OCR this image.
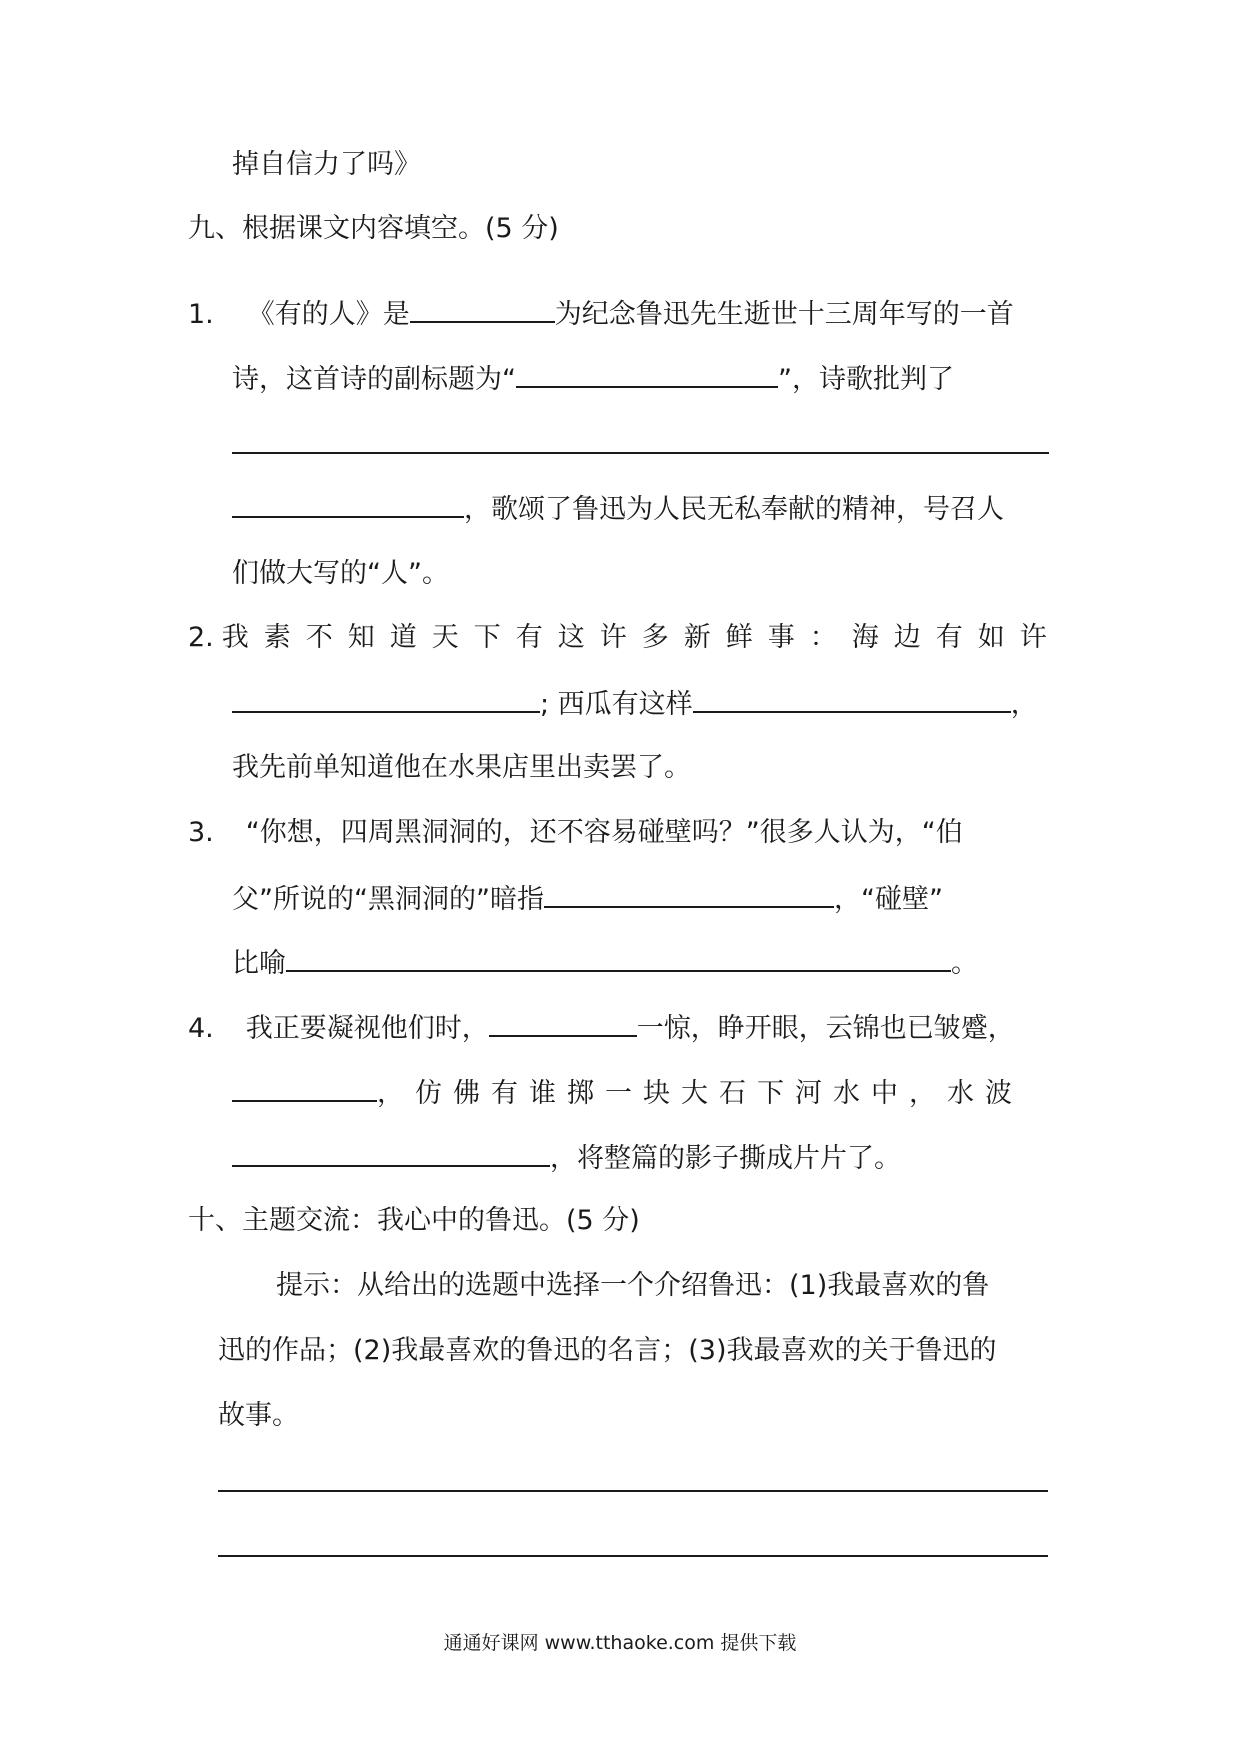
掉自信力了吗》
九、根据课文内容填空。(5 分)
1. 《有的人》是	为纪念鲁迅先生逝世十三周年写的一首
诗，这首诗的副标题为“	”，诗歌批判了
，歌颂了鲁迅为人民无私奉献的精神，号召人
们做大写的“人”。
2. 我素不知道天下有这许多新鲜事：海边有如许
; 西瓜有这样	，
我先前单知道他在水果店里出卖罢了。
3. “你想，四周黑洞洞的，还不容易碰壁吗？”很多人认为，“伯
父”所说的“黑洞洞的”暗指	，“碰壁”
比喻	。
4. 我正要凝视他们时，	一惊，睁开眼，云锦也已皱蹙，
，仿佛有谁掷一块大石下河水中，水波
，将整篇的影子撕成片片了。
十、主题交流：我心中的鲁迅。(5 分)
提示：从给出的选题中选择一个介绍鲁迅：(1)我最喜欢的鲁
迅的作品；(2)我最喜欢的鲁迅的名言；(3)我最喜欢的关于鲁迅的
故事。
通通好课网 www.tthaoke.com 提供下载
